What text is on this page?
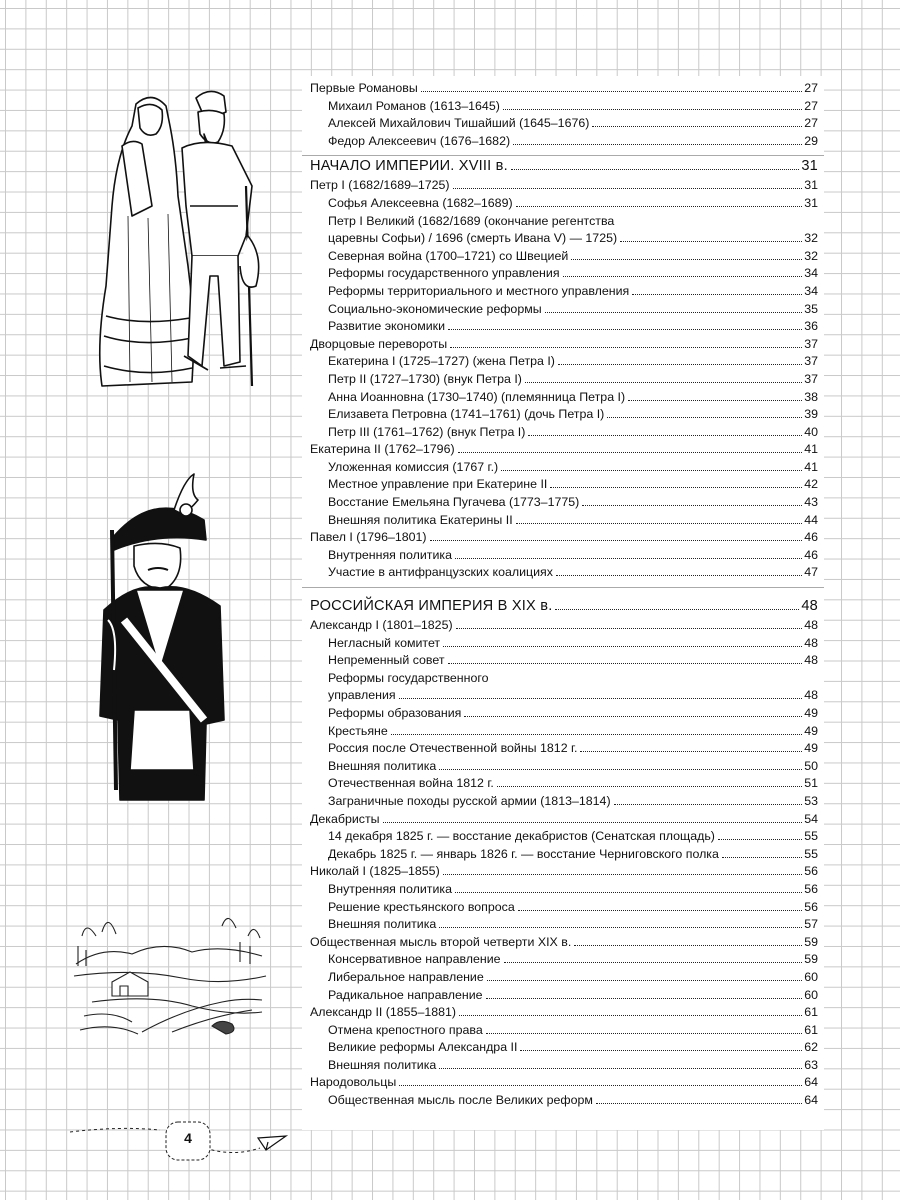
Первые Романовы	27
Михаил Романов (1613–1645)	27
Алексей Михайлович Тишайший (1645–1676)	27
Федор Алексеевич (1676–1682)	29
НАЧАЛО ИМПЕРИИ. XVIII в.	31
Петр I (1682/1689–1725)	31
Софья Алексеевна (1682–1689)	31
Петр I Великий (1682/1689 (окончание регентства
царевны Софьи) / 1696 (смерть Ивана V) — 1725)	32
Северная война (1700–1721) со Швецией	32
Реформы государственного управления	34
Реформы территориального и местного управления	34
Социально-экономические реформы	35
Развитие экономики	36
Дворцовые перевороты	37
Екатерина I (1725–1727) (жена Петра I)	37
Петр II (1727–1730) (внук Петра I)	37
Анна Иоанновна (1730–1740) (племянница Петра I)	38
Елизавета Петровна (1741–1761) (дочь Петра I)	39
Петр III (1761–1762) (внук Петра I)	40
Екатерина II (1762–1796)	41
Уложенная комиссия (1767 г.)	41
Местное управление при Екатерине II	42
Восстание Емельяна Пугачева (1773–1775)	43
Внешняя политика Екатерины II	44
Павел I (1796–1801)	46
Внутренняя политика	46
Участие в антифранцузских коалициях	47
РОССИЙСКАЯ ИМПЕРИЯ В XIX в.	48
Александр I (1801–1825)	48
Негласный комитет	48
Непременный совет	48
Реформы государственного
управления	48
Реформы образования	49
Крестьяне	49
Россия после Отечественной войны 1812 г.	49
Внешняя политика	50
Отечественная война 1812 г.	51
Заграничные походы русской армии (1813–1814)	53
Декабристы	54
14 декабря 1825 г. — восстание декабристов (Сенатская площадь)	55
Декабрь 1825 г. — январь 1826 г. — восстание Черниговского полка	55
Николай I (1825–1855)	56
Внутренняя политика	56
Решение крестьянского вопроса	56
Внешняя политика	57
Общественная мысль второй четверти XIX в.	59
Консервативное направление	59
Либеральное направление	60
Радикальное направление	60
Александр II (1855–1881)	61
Отмена крепостного права	61
Великие реформы Александра II	62
Внешняя политика	63
Народовольцы	64
Общественная мысль после Великих реформ	64
4
